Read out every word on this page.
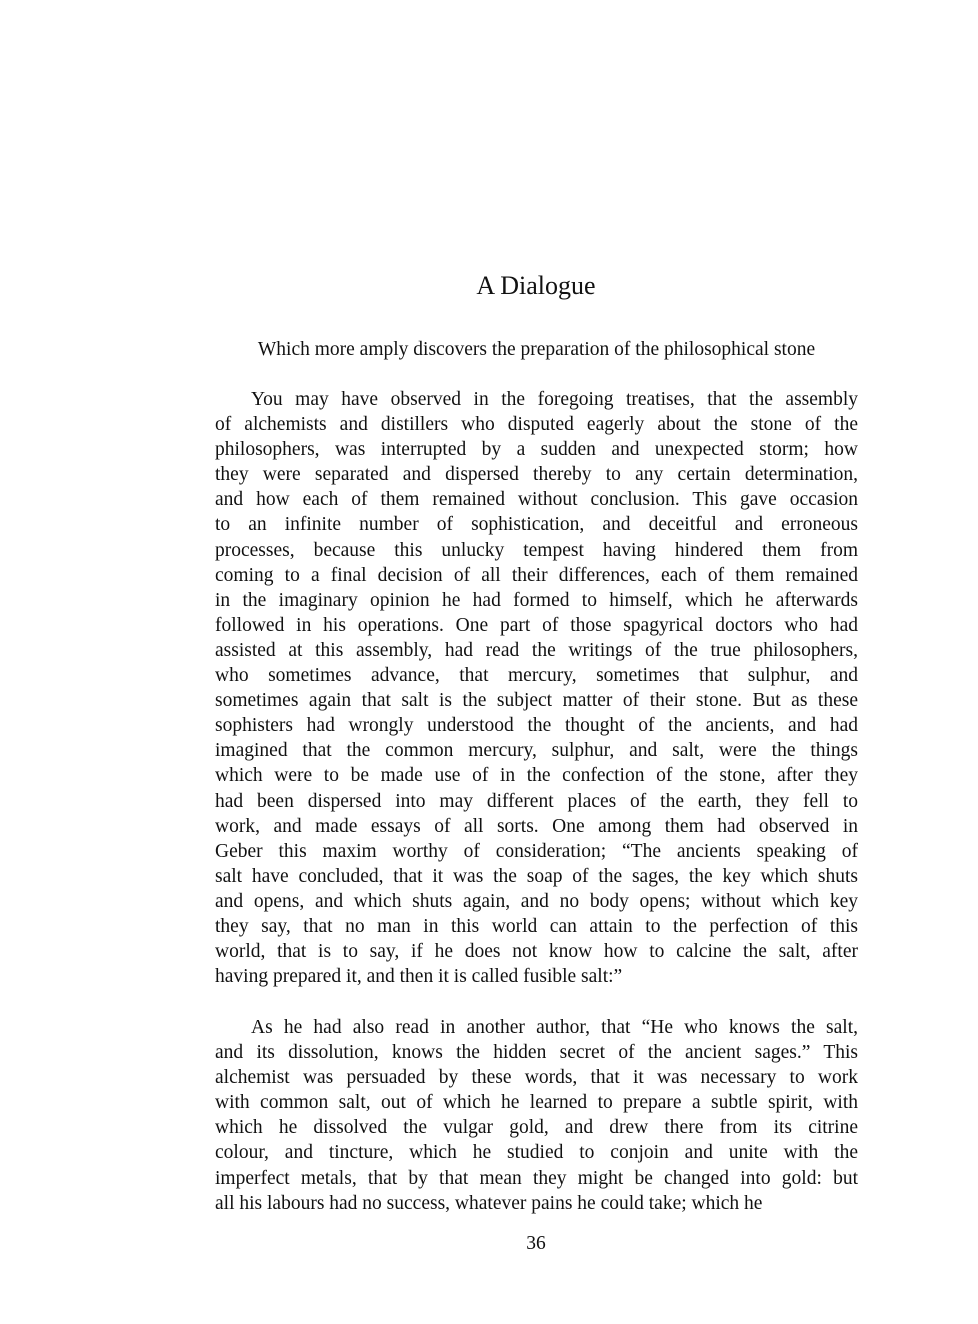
A Dialogue

Which more amply discovers the preparation of the philosophical stone

You may have observed in the foregoing treatises, that the assembly
of alchemists and distillers who disputed eagerly about the stone of the
philosophers, was interrupted by a sudden and unexpected storm; how
they were separated and dispersed thereby to any certain determination,
and how each of them remained without conclusion. This gave occasion
to an infinite number of sophistication, and deceitful and erroneous
processes, because this unlucky tempest having hindered them from
coming to a final decision of all their differences, each of them remained
in the imaginary opinion he had formed to himself, which he afterwards
followed in his operations. One part of those spagyrical doctors who had
assisted at this assembly, had read the writings of the true philosophers,
who sometimes advance, that mercury, sometimes that sulphur, and
sometimes again that salt is the subject matter of their stone. But as these
sophisters had wrongly understood the thought of the ancients, and had
imagined that the common mercury, sulphur, and salt, were the things
which were to be made use of in the confection of the stone, after they
had been dispersed into may different places of the earth, they fell to
work, and made essays of all sorts. One among them had observed in
Geber this maxim worthy of consideration; “The ancients speaking of
salt have concluded, that it was the soap of the sages, the key which shuts
and opens, and which shuts again, and no body opens; without which key
they say, that no man in this world can attain to the perfection of this
world, that is to say, if he does not know how to calcine the salt, after
having prepared it, and then it is called fusible salt:”
As he had also read in another author, that “He who knows the salt,
and its dissolution, knows the hidden secret of the ancient sages.” This
alchemist was persuaded by these words, that it was necessary to work
with common salt, out of which he learned to prepare a subtle spirit, with
which he dissolved the vulgar gold, and drew there from its citrine
colour, and tincture, which he studied to conjoin and unite with the
imperfect metals, that by that mean they might be changed into gold: but
all his labours had no success, whatever pains he could take; which he
36
